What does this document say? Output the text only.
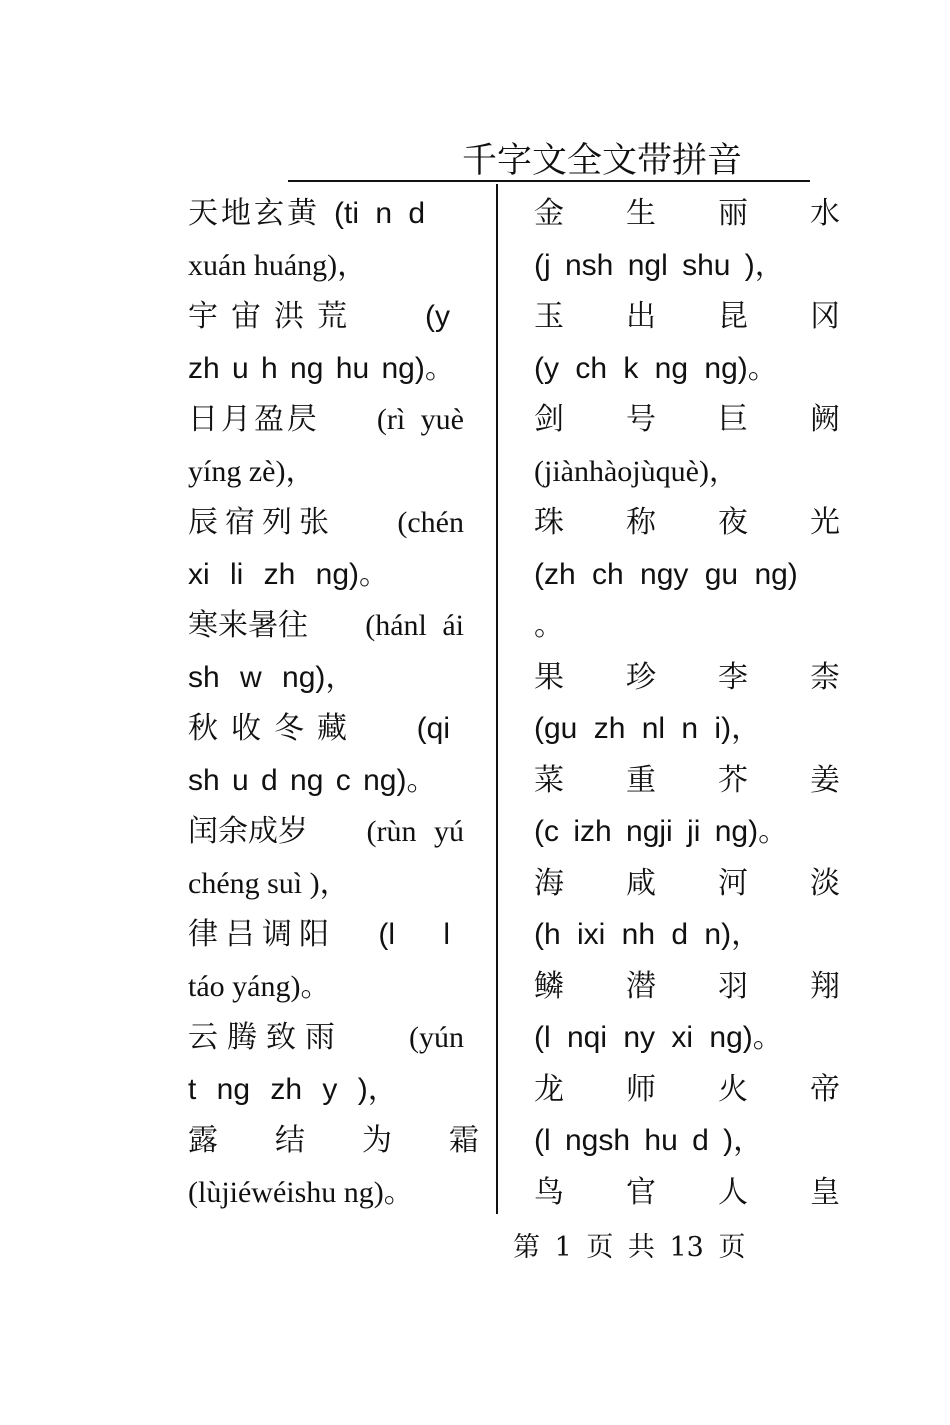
千字文全文带拼音
天地玄黄 (ti n d
xuán huáng)，
宇宙洪荒 (y
zh u h ng hu ng)。
日月盈昃 (rì yuè
yíng zè)，
辰宿列张 (chén
xi li zh ng)。
寒来暑往 (hánl ái
sh w ng)，
秋收冬藏 (qi
sh u d ng c ng)。
闰余成岁 (rùn yú
chéng suì )，
律吕调阳 (l l
táo yáng)。
云腾致雨 (yún
t ng zh y )，
露结为霜
(lùjiéwéishu ng)。
金生丽水
(j nsh ngl shu )，
玉出昆冈
(y ch k ng ng)。
剑号巨阙
(jiànhàojùquè)，
珠称夜光
(zh ch ngy gu ng)
。
果珍李柰
(gu zh nl n i)，
菜重芥姜
(c izh ngji ji ng)。
海咸河淡
(h ixi nh d n)，
鳞潜羽翔
(l nqi ny xi ng)。
龙师火帝
(l ngsh hu d )，
鸟官人皇
第 1 页 共 13 页
